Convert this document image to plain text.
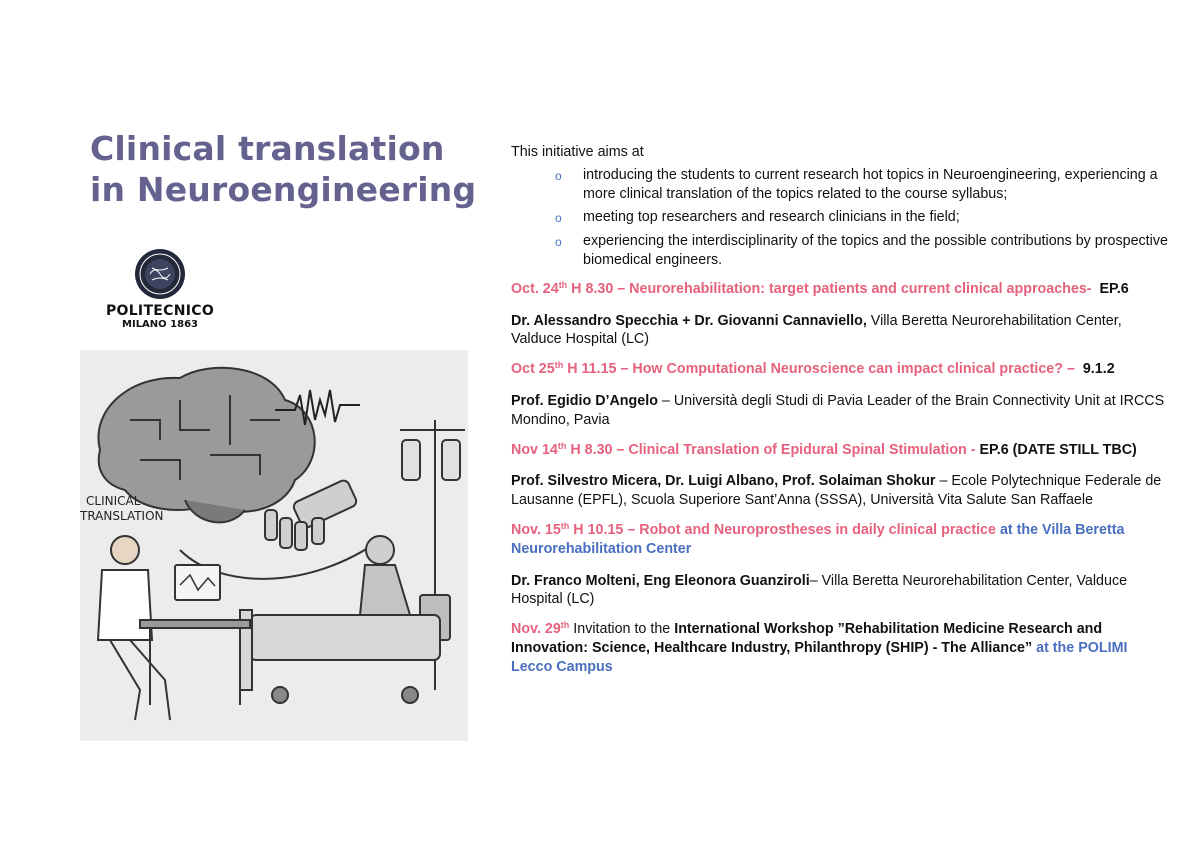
Clinical translation in Neuroengineering
POLITECNICO
MILANO 1863
CLINICAL
TRANSLATION

This initiative aims at

o introducing the students to current research hot topics in Neuroengineering, experiencing a more clinical translation of the topics related to the course syllabus;
o meeting top researchers and research clinicians in the field;
o experiencing the interdisciplinarity of the topics and the possible contributions by prospective biomedical engineers.

Oct. 24th H 8.30 – Neurorehabilitation: target patients and current clinical approaches- EP.6

Dr. Alessandro Specchia + Dr. Giovanni Cannaviello, Villa Beretta Neurorehabilitation Center, Valduce Hospital (LC)

Oct 25th H 11.15 – How Computational Neuroscience can impact clinical practice? – 9.1.2

Prof. Egidio D’Angelo – Università degli Studi di Pavia Leader of the Brain Connectivity Unit at IRCCS Mondino, Pavia

Nov 14th H 8.30 – Clinical Translation of Epidural Spinal Stimulation - EP.6 (DATE STILL TBC)

Prof. Silvestro Micera, Dr. Luigi Albano, Prof. Solaiman Shokur – Ecole Polytechnique Federale de Lausanne (EPFL), Scuola Superiore Sant’Anna (SSSA), Università Vita Salute San Raffaele

Nov. 15th H 10.15 – Robot and Neuroprostheses in daily clinical practice at the Villa Beretta Neurorehabilitation Center

Dr. Franco Molteni, Eng Eleonora Guanziroli– Villa Beretta Neurorehabilitation Center, Valduce Hospital (LC)

Nov. 29th Invitation to the International Workshop ”Rehabilitation Medicine Research and Innovation: Science, Healthcare Industry, Philanthropy (SHIP) - The Alliance” at the POLIMI Lecco Campus
